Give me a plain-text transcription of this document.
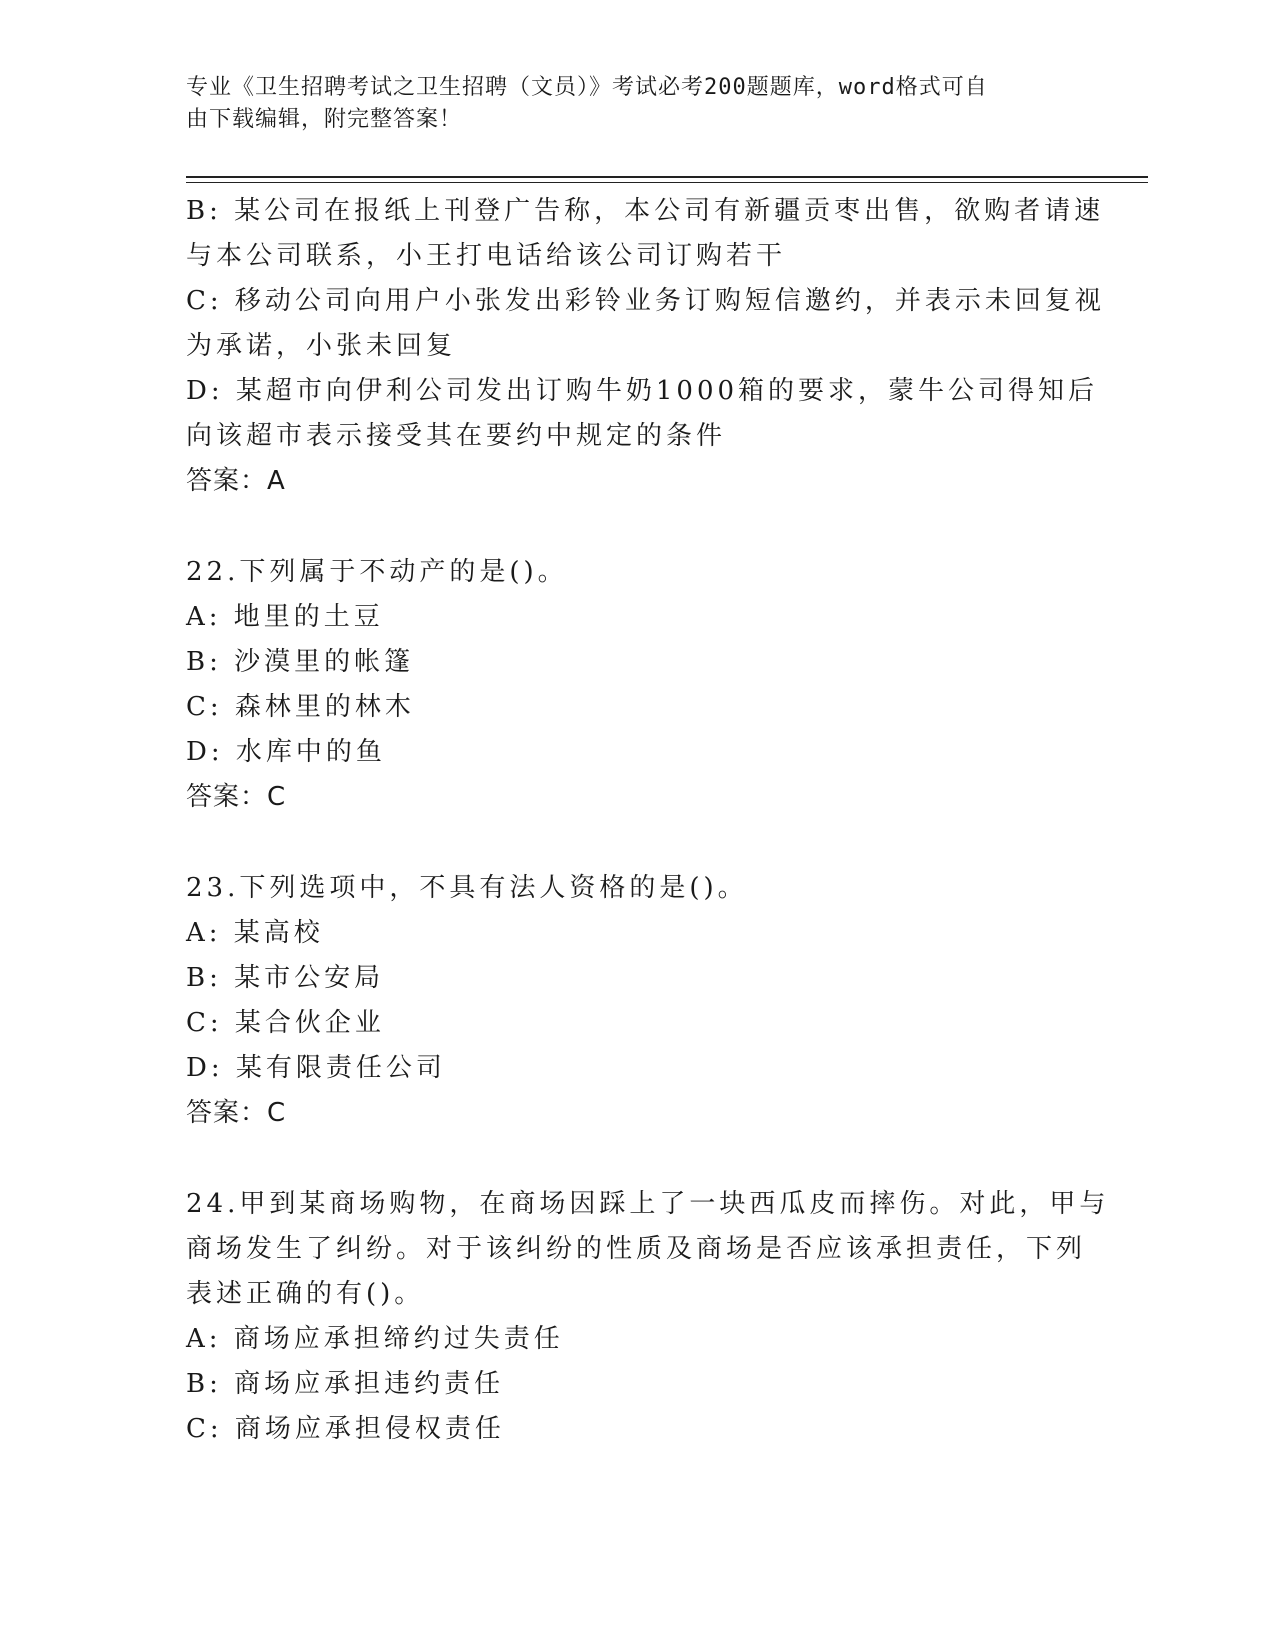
专业《卫生招聘考试之卫生招聘（文员）》考试必考200题题库，word格式可自
由下载编辑，附完整答案！
B: 某公司在报纸上刊登广告称，本公司有新疆贡枣出售，欲购者请速
与本公司联系，小王打电话给该公司订购若干
C: 移动公司向用户小张发出彩铃业务订购短信邀约，并表示未回复视
为承诺，小张未回复
D: 某超市向伊利公司发出订购牛奶1000箱的要求，蒙牛公司得知后
向该超市表示接受其在要约中规定的条件
答案：A
22.下列属于不动产的是()。
A: 地里的土豆
B: 沙漠里的帐篷
C: 森林里的林木
D: 水库中的鱼
答案：C
23.下列选项中，不具有法人资格的是()。
A: 某高校
B: 某市公安局
C: 某合伙企业
D: 某有限责任公司
答案：C
24.甲到某商场购物，在商场因踩上了一块西瓜皮而摔伤。对此，甲与
商场发生了纠纷。对于该纠纷的性质及商场是否应该承担责任，下列
表述正确的有()。
A: 商场应承担缔约过失责任
B: 商场应承担违约责任
C: 商场应承担侵权责任
